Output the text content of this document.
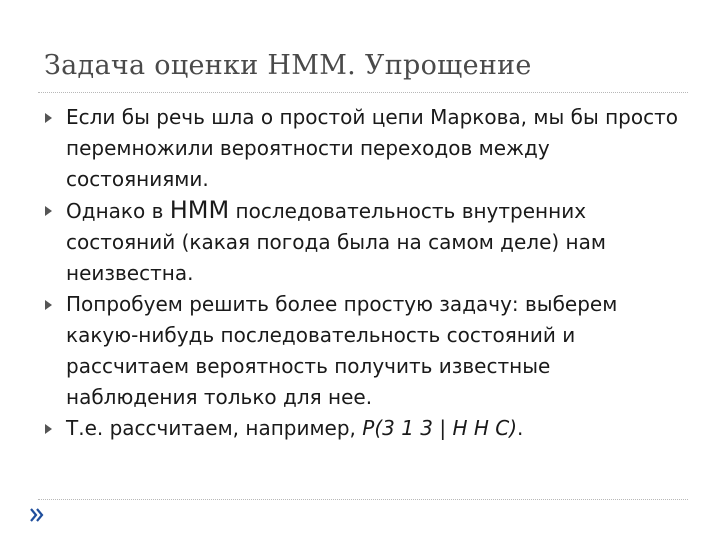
Задача оценки НММ. Упрощение
Если бы речь шла о простой цепи Маркова, мы бы просто перемножили вероятности переходов между состояниями.
Однако в НММ последовательность внутренних состояний (какая погода была на самом деле) нам неизвестна.
Попробуем решить более простую задачу: выберем какую-нибудь последовательность состояний и рассчитаем вероятность получить известные наблюдения только для нее.
Т.е. рассчитаем, например, P(3 1 3 | H H C).
